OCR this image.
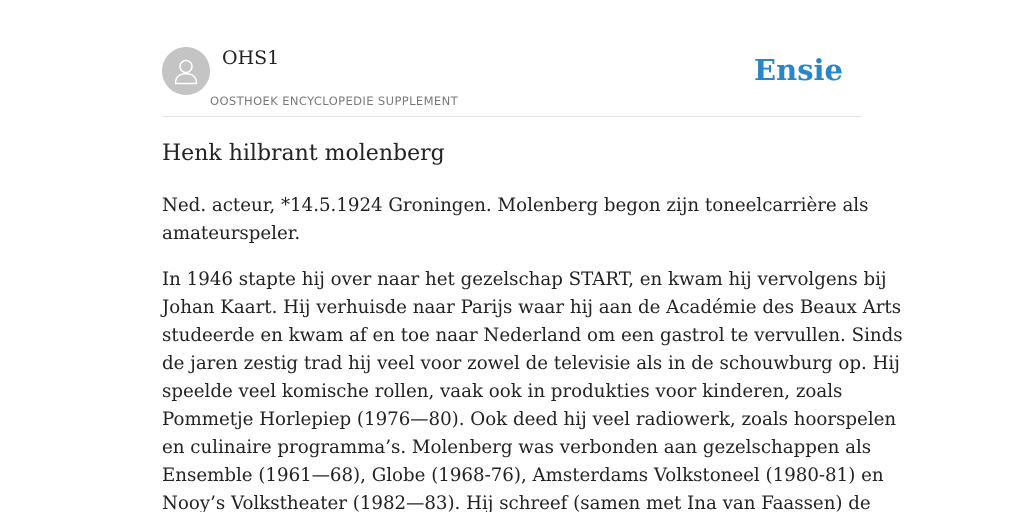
OHS1
OOSTHOEK ENCYCLOPEDIE SUPPLEMENT
Ensie
Henk hilbrant molenberg

Ned. acteur, *14.5.1924 Groningen. Molenberg begon zijn toneelcarrière als
amateurspeler.

In 1946 stapte hij over naar het gezelschap START, en kwam hij vervolgens bij
Johan Kaart. Hij verhuisde naar Parijs waar hij aan de Académie des Beaux Arts
studeerde en kwam af en toe naar Nederland om een gastrol te vervullen. Sinds
de jaren zestig trad hij veel voor zowel de televisie als in de schouwburg op. Hij
speelde veel komische rollen, vaak ook in produkties voor kinderen, zoals
Pommetje Horlepiep (1976—80). Ook deed hij veel radiowerk, zoals hoorspelen
en culinaire programma’s. Molenberg was verbonden aan gezelschappen als
Ensemble (1961—68), Globe (1968-76), Amsterdams Volkstoneel (1980-81) en
Nooy’s Volkstheater (1982—83). Hij schreef (samen met Ina van Faassen) de
